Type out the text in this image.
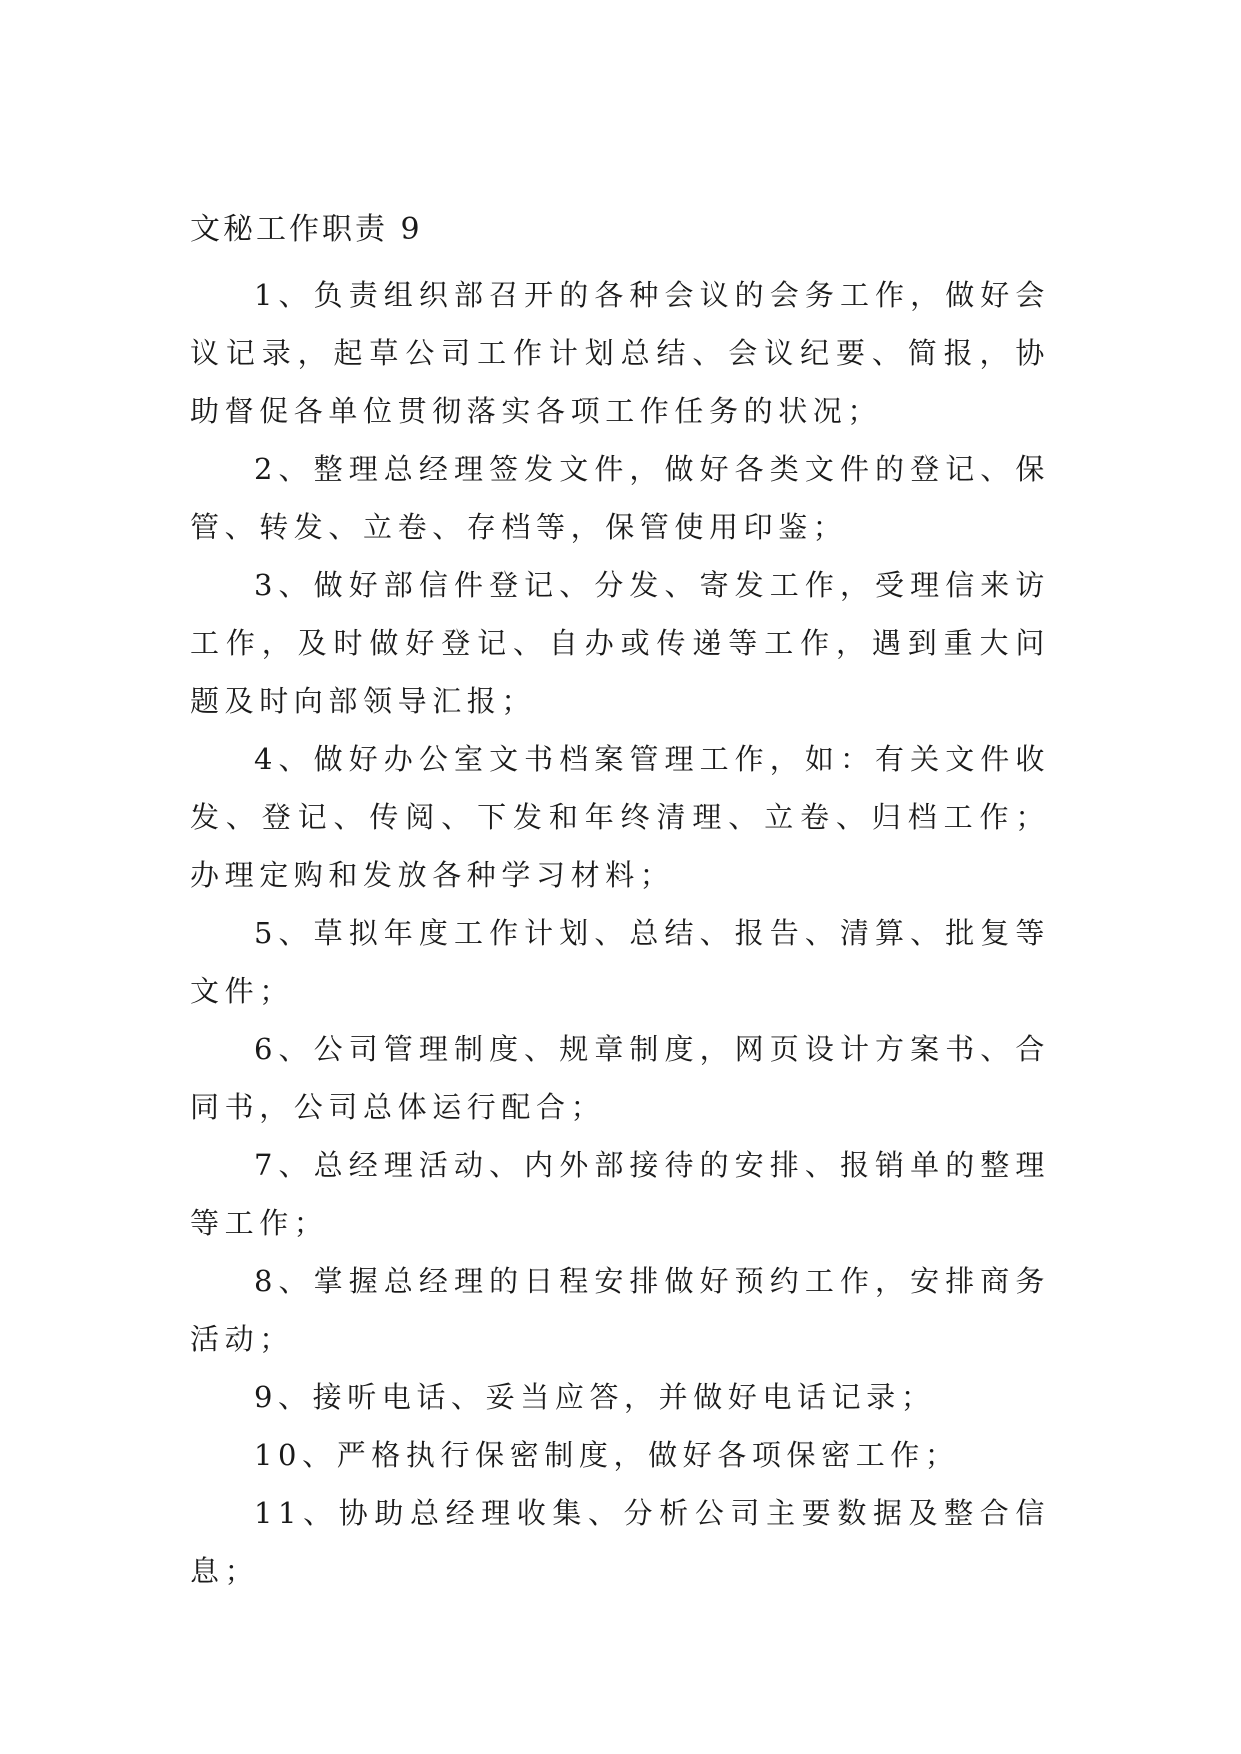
文秘工作职责 9
1、负责组织部召开的各种会议的会务工作，做好会议记录，起草公司工作计划总结、会议纪要、简报，协助督促各单位贯彻落实各项工作任务的状况；
2、整理总经理签发文件，做好各类文件的登记、保管、转发、立卷、存档等，保管使用印鉴；
3、做好部信件登记、分发、寄发工作，受理信来访工作，及时做好登记、自办或传递等工作，遇到重大问题及时向部领导汇报；
4、做好办公室文书档案管理工作，如：有关文件收发、登记、传阅、下发和年终清理、立卷、归档工作；办理定购和发放各种学习材料；
5、草拟年度工作计划、总结、报告、清算、批复等文件；
6、公司管理制度、规章制度，网页设计方案书、合同书，公司总体运行配合；
7、总经理活动、内外部接待的安排、报销单的整理等工作；
8、掌握总经理的日程安排做好预约工作，安排商务活动；
9、接听电话、妥当应答，并做好电话记录；
10、严格执行保密制度，做好各项保密工作；
11、协助总经理收集、分析公司主要数据及整合信息；
